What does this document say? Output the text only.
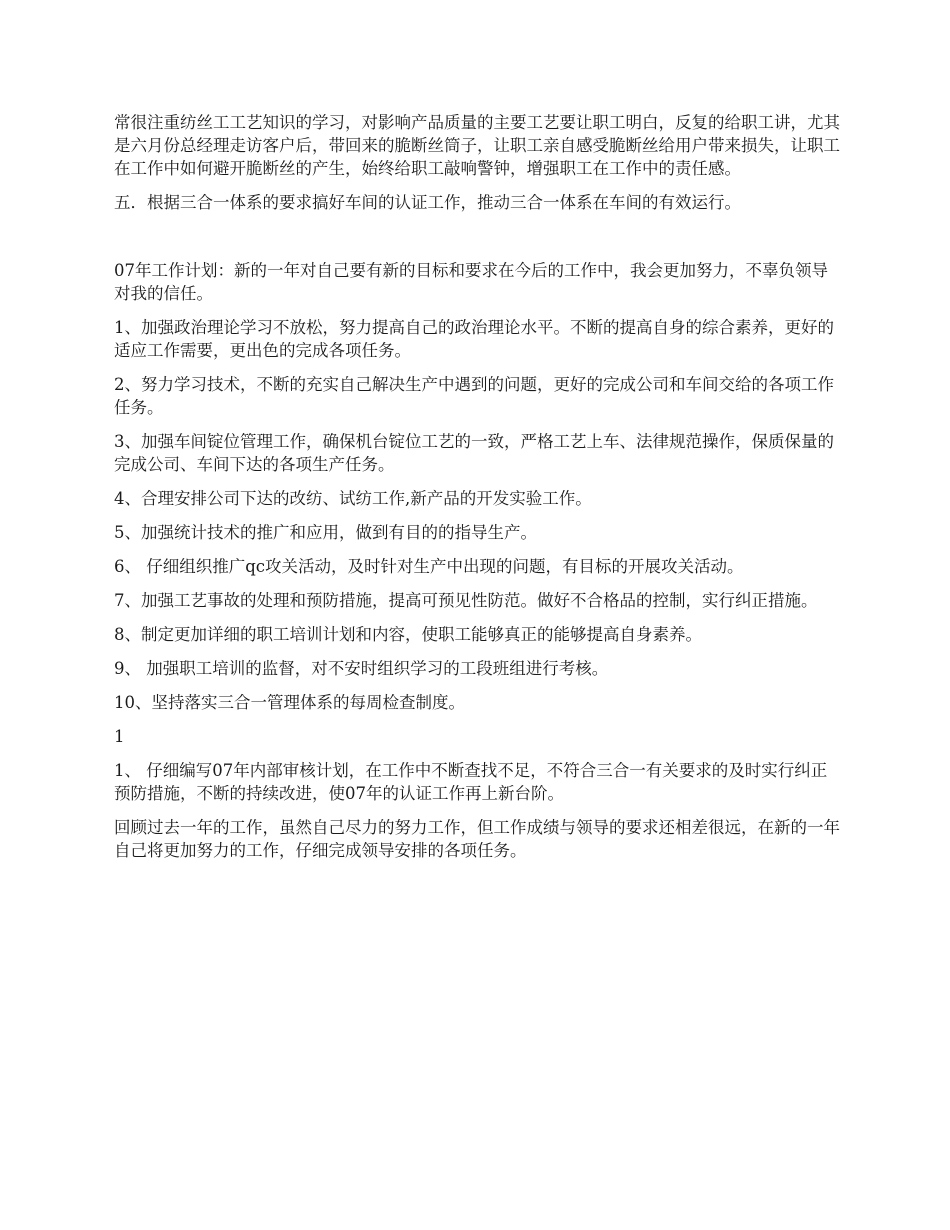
常很注重纺丝工工艺知识的学习，对影响产品质量的主要工艺要让职工明白，反复的给职工讲，尤其是六月份总经理走访客户后，带回来的脆断丝筒子，让职工亲自感受脆断丝给用户带来损失，让职工在工作中如何避开脆断丝的产生，始终给职工敲响警钟，增强职工在工作中的责任感。

五．根据三合一体系的要求搞好车间的认证工作，推动三合一体系在车间的有效运行。

07年工作计划：新的一年对自己要有新的目标和要求在今后的工作中，我会更加努力，不辜负领导对我的信任。

1、加强政治理论学习不放松，努力提高自己的政治理论水平。不断的提高自身的综合素养，更好的适应工作需要，更出色的完成各项任务。

2、努力学习技术，不断的充实自己解决生产中遇到的问题，更好的完成公司和车间交给的各项工作任务。

3、加强车间锭位管理工作，确保机台锭位工艺的一致，严格工艺上车、法律规范操作，保质保量的完成公司、车间下达的各项生产任务。

4、合理安排公司下达的改纺、试纺工作,新产品的开发实验工作。

5、加强统计技术的推广和应用，做到有目的的指导生产。

6、 仔细组织推广qc攻关活动，及时针对生产中出现的问题，有目标的开展攻关活动。

7、加强工艺事故的处理和预防措施，提高可预见性防范。做好不合格品的控制，实行纠正措施。

8、制定更加详细的职工培训计划和内容，使职工能够真正的能够提高自身素养。

9、 加强职工培训的监督，对不安时组织学习的工段班组进行考核。

10、坚持落实三合一管理体系的每周检查制度。

1

1、 仔细编写07年内部审核计划，在工作中不断查找不足，不符合三合一有关要求的及时实行纠正预防措施，不断的持续改进，使07年的认证工作再上新台阶。

回顾过去一年的工作，虽然自己尽力的努力工作，但工作成绩与领导的要求还相差很远，在新的一年自己将更加努力的工作，仔细完成领导安排的各项任务。
